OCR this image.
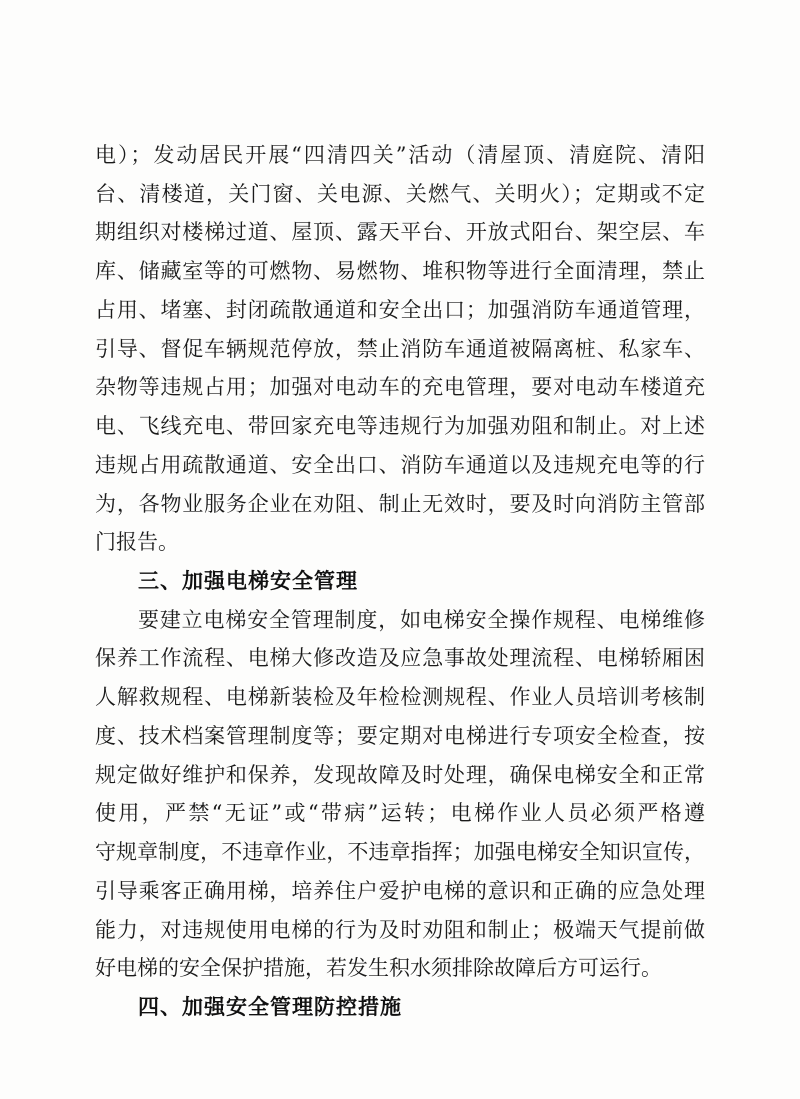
电）；发动居民开展“四清四关”活动（清屋顶、清庭院、清阳
台、清楼道，关门窗、关电源、关燃气、关明火）；定期或不定
期组织对楼梯过道、屋顶、露天平台、开放式阳台、架空层、车
库、储藏室等的可燃物、易燃物、堆积物等进行全面清理，禁止
占用、堵塞、封闭疏散通道和安全出口；加强消防车通道管理，
引导、督促车辆规范停放，禁止消防车通道被隔离桩、私家车、
杂物等违规占用；加强对电动车的充电管理，要对电动车楼道充
电、飞线充电、带回家充电等违规行为加强劝阻和制止。对上述
违规占用疏散通道、安全出口、消防车通道以及违规充电等的行
为，各物业服务企业在劝阻、制止无效时，要及时向消防主管部
门报告。
三、加强电梯安全管理
要建立电梯安全管理制度，如电梯安全操作规程、电梯维修
保养工作流程、电梯大修改造及应急事故处理流程、电梯轿厢困
人解救规程、电梯新装检及年检检测规程、作业人员培训考核制
度、技术档案管理制度等；要定期对电梯进行专项安全检查，按
规定做好维护和保养，发现故障及时处理，确保电梯安全和正常
使用，严禁“无证”或“带病”运转；电梯作业人员必须严格遵
守规章制度，不违章作业，不违章指挥；加强电梯安全知识宣传，
引导乘客正确用梯，培养住户爱护电梯的意识和正确的应急处理
能力，对违规使用电梯的行为及时劝阻和制止；极端天气提前做
好电梯的安全保护措施，若发生积水须排除故障后方可运行。
四、加强安全管理防控措施
